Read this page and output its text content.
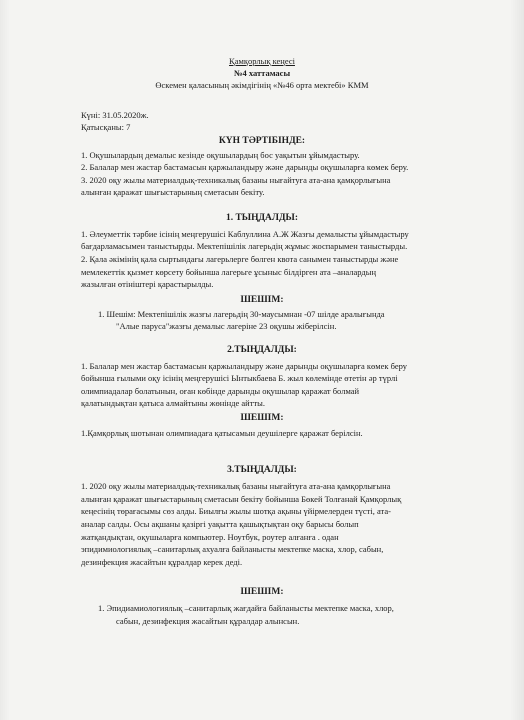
Қамқорлық кеңесі
№4 хаттамасы
Өскемен қаласының әкімдігінің «№46 орта мектебі» КММ
Күні: 31.05.2020ж.
Қатысқаны: 7
КҮН ТӘРТІБІНДЕ:
1. Оқушылардың демалыс кезінде оқушылардың бос уақытын ұйымдастыру.
2. Балалар мен жастар бастамасын қаржыландыру және дарынды оқушыларға көмек беру.
3. 2020 оқу жылы материалдық-техникалық базаны нығайтуға ата-ана қамқорлығына
алынған қаражат шығыстарының сметасын бекіту.
1. ТЫҢДАЛДЫ:
1. Әлеуметтік тәрбие ісінің меңгерушісі Каблуллина А.Ж Жазғы демалысты ұйымдастыру
бағдарламасымен таныстырды. Мектепішілік лагерьдің жұмыс жоспарымен таныстырды.
2. Қала әкімінің қала сыртындағы лагерьлерге бөлген квота санымен таныстырды және
мемлекеттік қызмет көрсету бойынша лагерьге ұсыныс білдірген ата –аналардың
жазылған өтініштері қарастырылды.
ШЕШІМ:
1. Шешім: Мектепішілік жазғы лагерьдің 30-маусымнан -07 шілде аралығында
"Алые паруса"жазғы демалыс лагеріне 23 оқушы жіберілсін.
2.ТЫҢДАЛДЫ:
1. Балалар мен жастар бастамасын қаржыландыру және дарынды оқушыларға көмек беру
бойынша ғылыми оқу ісінің меңгерушісі Ынтыкбаева Б. жыл көлемінде өтетін әр түрлі
олимпиадалар болатынын, оған көбінде дарынды оқушылар қаражат болмай
қалатындықтан қатыса алмайтыны жөнінде айтты.
ШЕШІМ:
1.Қамқорлық шотынан олимпиадаға қатысамын деушілерге қаражат берілсін.
3.ТЫҢДАЛДЫ:
1. 2020 оқу жылы материалдық-техникалық базаны нығайтуға ата-ана қамқорлығына
алынған қаражат шығыстарының сметасын бекіту бойынша Бөкей Толғанай Қамқорлық
кеңесінің төрағасымы сөз алды. Биылғы жылы шотқа ақыны үйірмелерден түсті, ата-
аналар салды. Осы ақшаны қазіргі уақытта қашықтықтан оқу барысы болып
жатқандықтан, оқушыларға компьютер. Ноутбук, роутер алғанға . одан
эпидимиологиялық –санитарлық ахуалға байланысты мектепке маска, хлор, сабын,
дезинфекция жасайтын құралдар керек деді.
ШЕШІМ:
1. Эпидиамиологиялық –санитарлық жағдайға байланысты мектепке маска, хлор,
сабын, дезинфекция жасайтын құралдар алынсын.
